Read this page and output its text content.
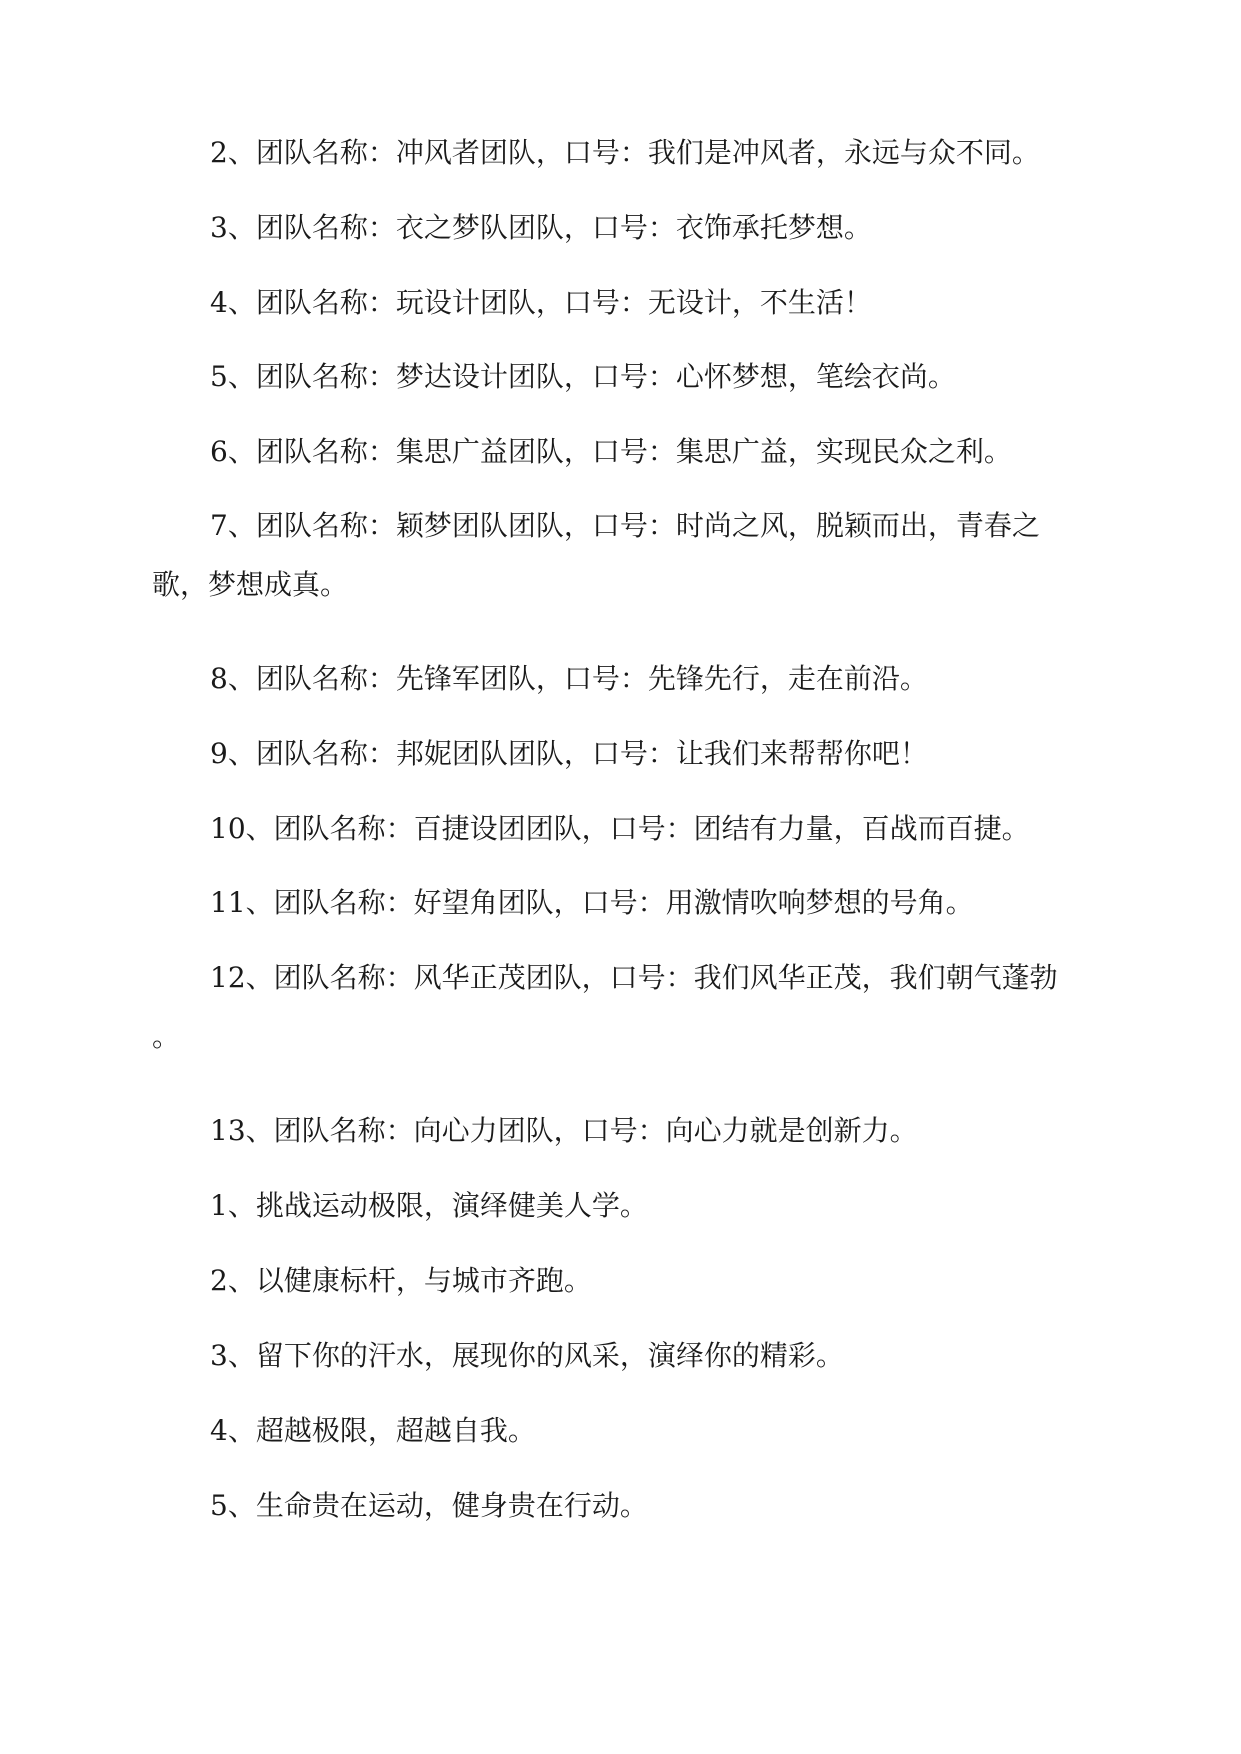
2、团队名称：冲风者团队，口号：我们是冲风者，永远与众不同。

3、团队名称：衣之梦队团队，口号：衣饰承托梦想。

4、团队名称：玩设计团队，口号：无设计，不生活！

5、团队名称：梦达设计团队，口号：心怀梦想，笔绘衣尚。

6、团队名称：集思广益团队，口号：集思广益，实现民众之利。

7、团队名称：颖梦团队团队，口号：时尚之风，脱颖而出，青春之

歌，梦想成真。

8、团队名称：先锋军团队，口号：先锋先行，走在前沿。

9、团队名称：邦妮团队团队，口号：让我们来帮帮你吧！

10、团队名称：百捷设团团队，口号：团结有力量，百战而百捷。

11、团队名称：好望角团队，口号：用激情吹响梦想的号角。

12、团队名称：风华正茂团队，口号：我们风华正茂，我们朝气蓬勃

。

13、团队名称：向心力团队，口号：向心力就是创新力。

1、挑战运动极限，演绎健美人学。

2、以健康标杆，与城市齐跑。

3、留下你的汗水，展现你的风采，演绎你的精彩。

4、超越极限，超越自我。

5、生命贵在运动，健身贵在行动。
